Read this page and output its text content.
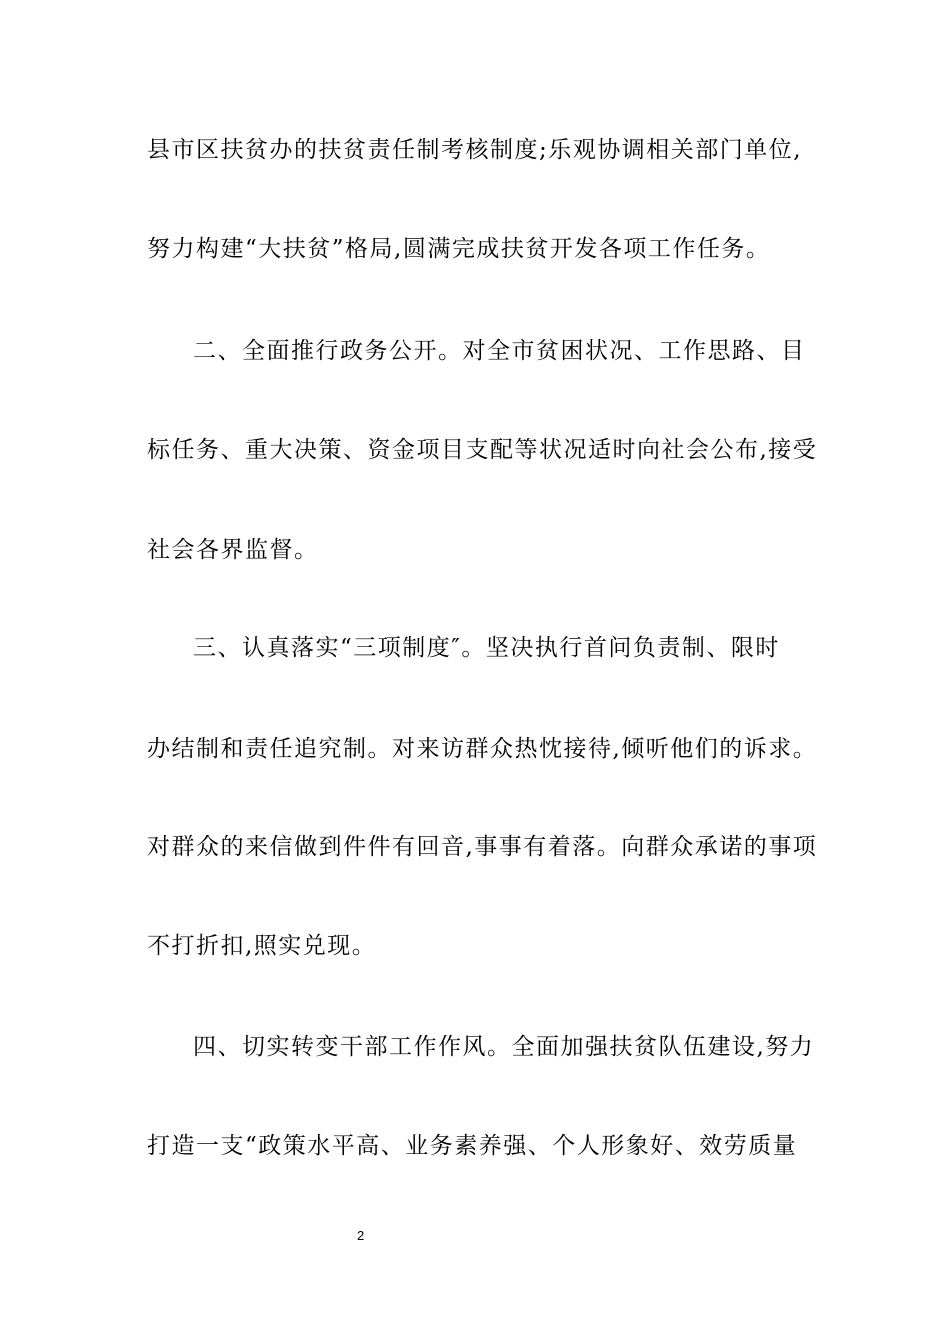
县市区扶贫办的扶贫责任制考核制度;乐观协调相关部门单位,
努力构建“大扶贫”格局,圆满完成扶贫开发各项工作任务。
二、全面推行政务公开。对全市贫困状况、工作思路、目
标任务、重大决策、资金项目支配等状况适时向社会公布,接受
社会各界监督。
三、认真落实“三项制度″。坚决执行首问负责制、限时
办结制和责任追究制。对来访群众热忱接待,倾听他们的诉求。
对群众的来信做到件件有回音,事事有着落。向群众承诺的事项
不打折扣,照实兑现。
四、切实转变干部工作作风。全面加强扶贫队伍建设,努力
打造一支“政策水平高、业务素养强、个人形象好、效劳质量
2
